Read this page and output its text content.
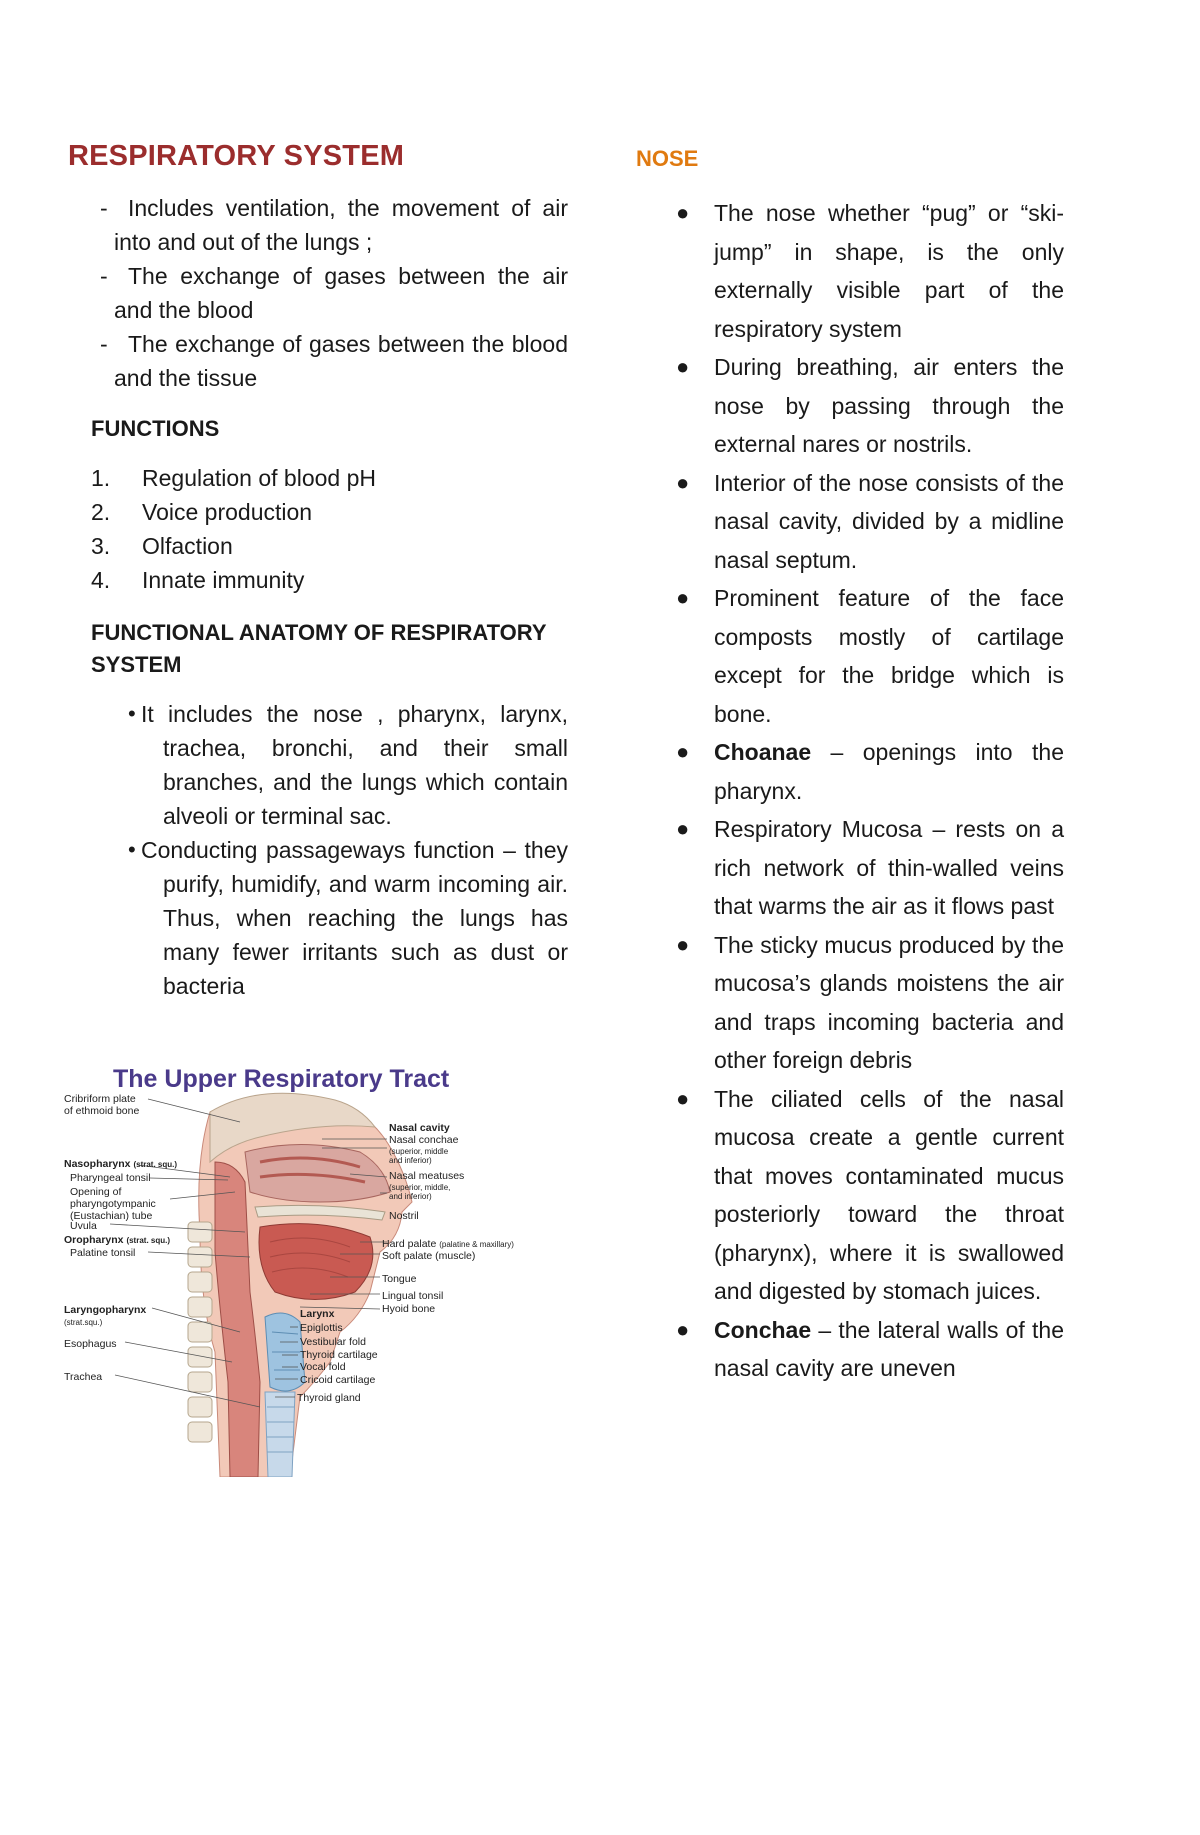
RESPIRATORY SYSTEM
- Includes ventilation, the movement of air into and out of the lungs ;
- The exchange of gases between the air and the blood
- The exchange of gases between the blood and the tissue
FUNCTIONS
1. Regulation of blood pH
2. Voice production
3. Olfaction
4. Innate immunity
FUNCTIONAL ANATOMY OF RESPIRATORY SYSTEM
• It includes the nose , pharynx, larynx, trachea, bronchi, and their small branches, and the lungs which contain alveoli or terminal sac.
• Conducting passageways function – they purify, humidify, and warm incoming air. Thus, when reaching the lungs has many fewer irritants such as dust or bacteria
The Upper Respiratory Tract
Cribriform plate
of ethmoid bone
Nasopharynx (strat. squ.)
Pharyngeal tonsil
Opening of
pharyngotympanic
(Eustachian) tube
Uvula
Oropharynx (strat. squ.)
Palatine tonsil
Laryngopharynx
(strat.squ.)
Esophagus
Trachea
Nasal cavity
Nasal conchae
(superior, middle
and inferior)
Nasal meatuses
(superior, middle,
and inferior)
Nostril
Hard palate (palatine & maxillary)
Soft palate (muscle)
Tongue
Lingual tonsil
Hyoid bone
Larynx
Epiglottis
Vestibular fold
Thyroid cartilage
Vocal fold
Cricoid cartilage
Thyroid gland
NOSE
● The nose whether “pug” or “ski-jump” in shape, is the only externally visible part of the respiratory system
● During breathing, air enters the nose by passing through the external nares or nostrils.
● Interior of the nose consists of the nasal cavity, divided by a midline nasal septum.
● Prominent feature of the face composts mostly of cartilage except for the bridge which is bone.
● Choanae – openings into the pharynx.
● Respiratory Mucosa – rests on a rich network of thin-walled veins that warms the air as it flows past
● The sticky mucus produced by the mucosa’s glands moistens the air and traps incoming bacteria and other foreign debris
● The ciliated cells of the nasal mucosa create a gentle current that moves contaminated mucus posteriorly toward the throat (pharynx), where it is swallowed and digested by stomach juices.
● Conchae – the lateral walls of the nasal cavity are uneven
